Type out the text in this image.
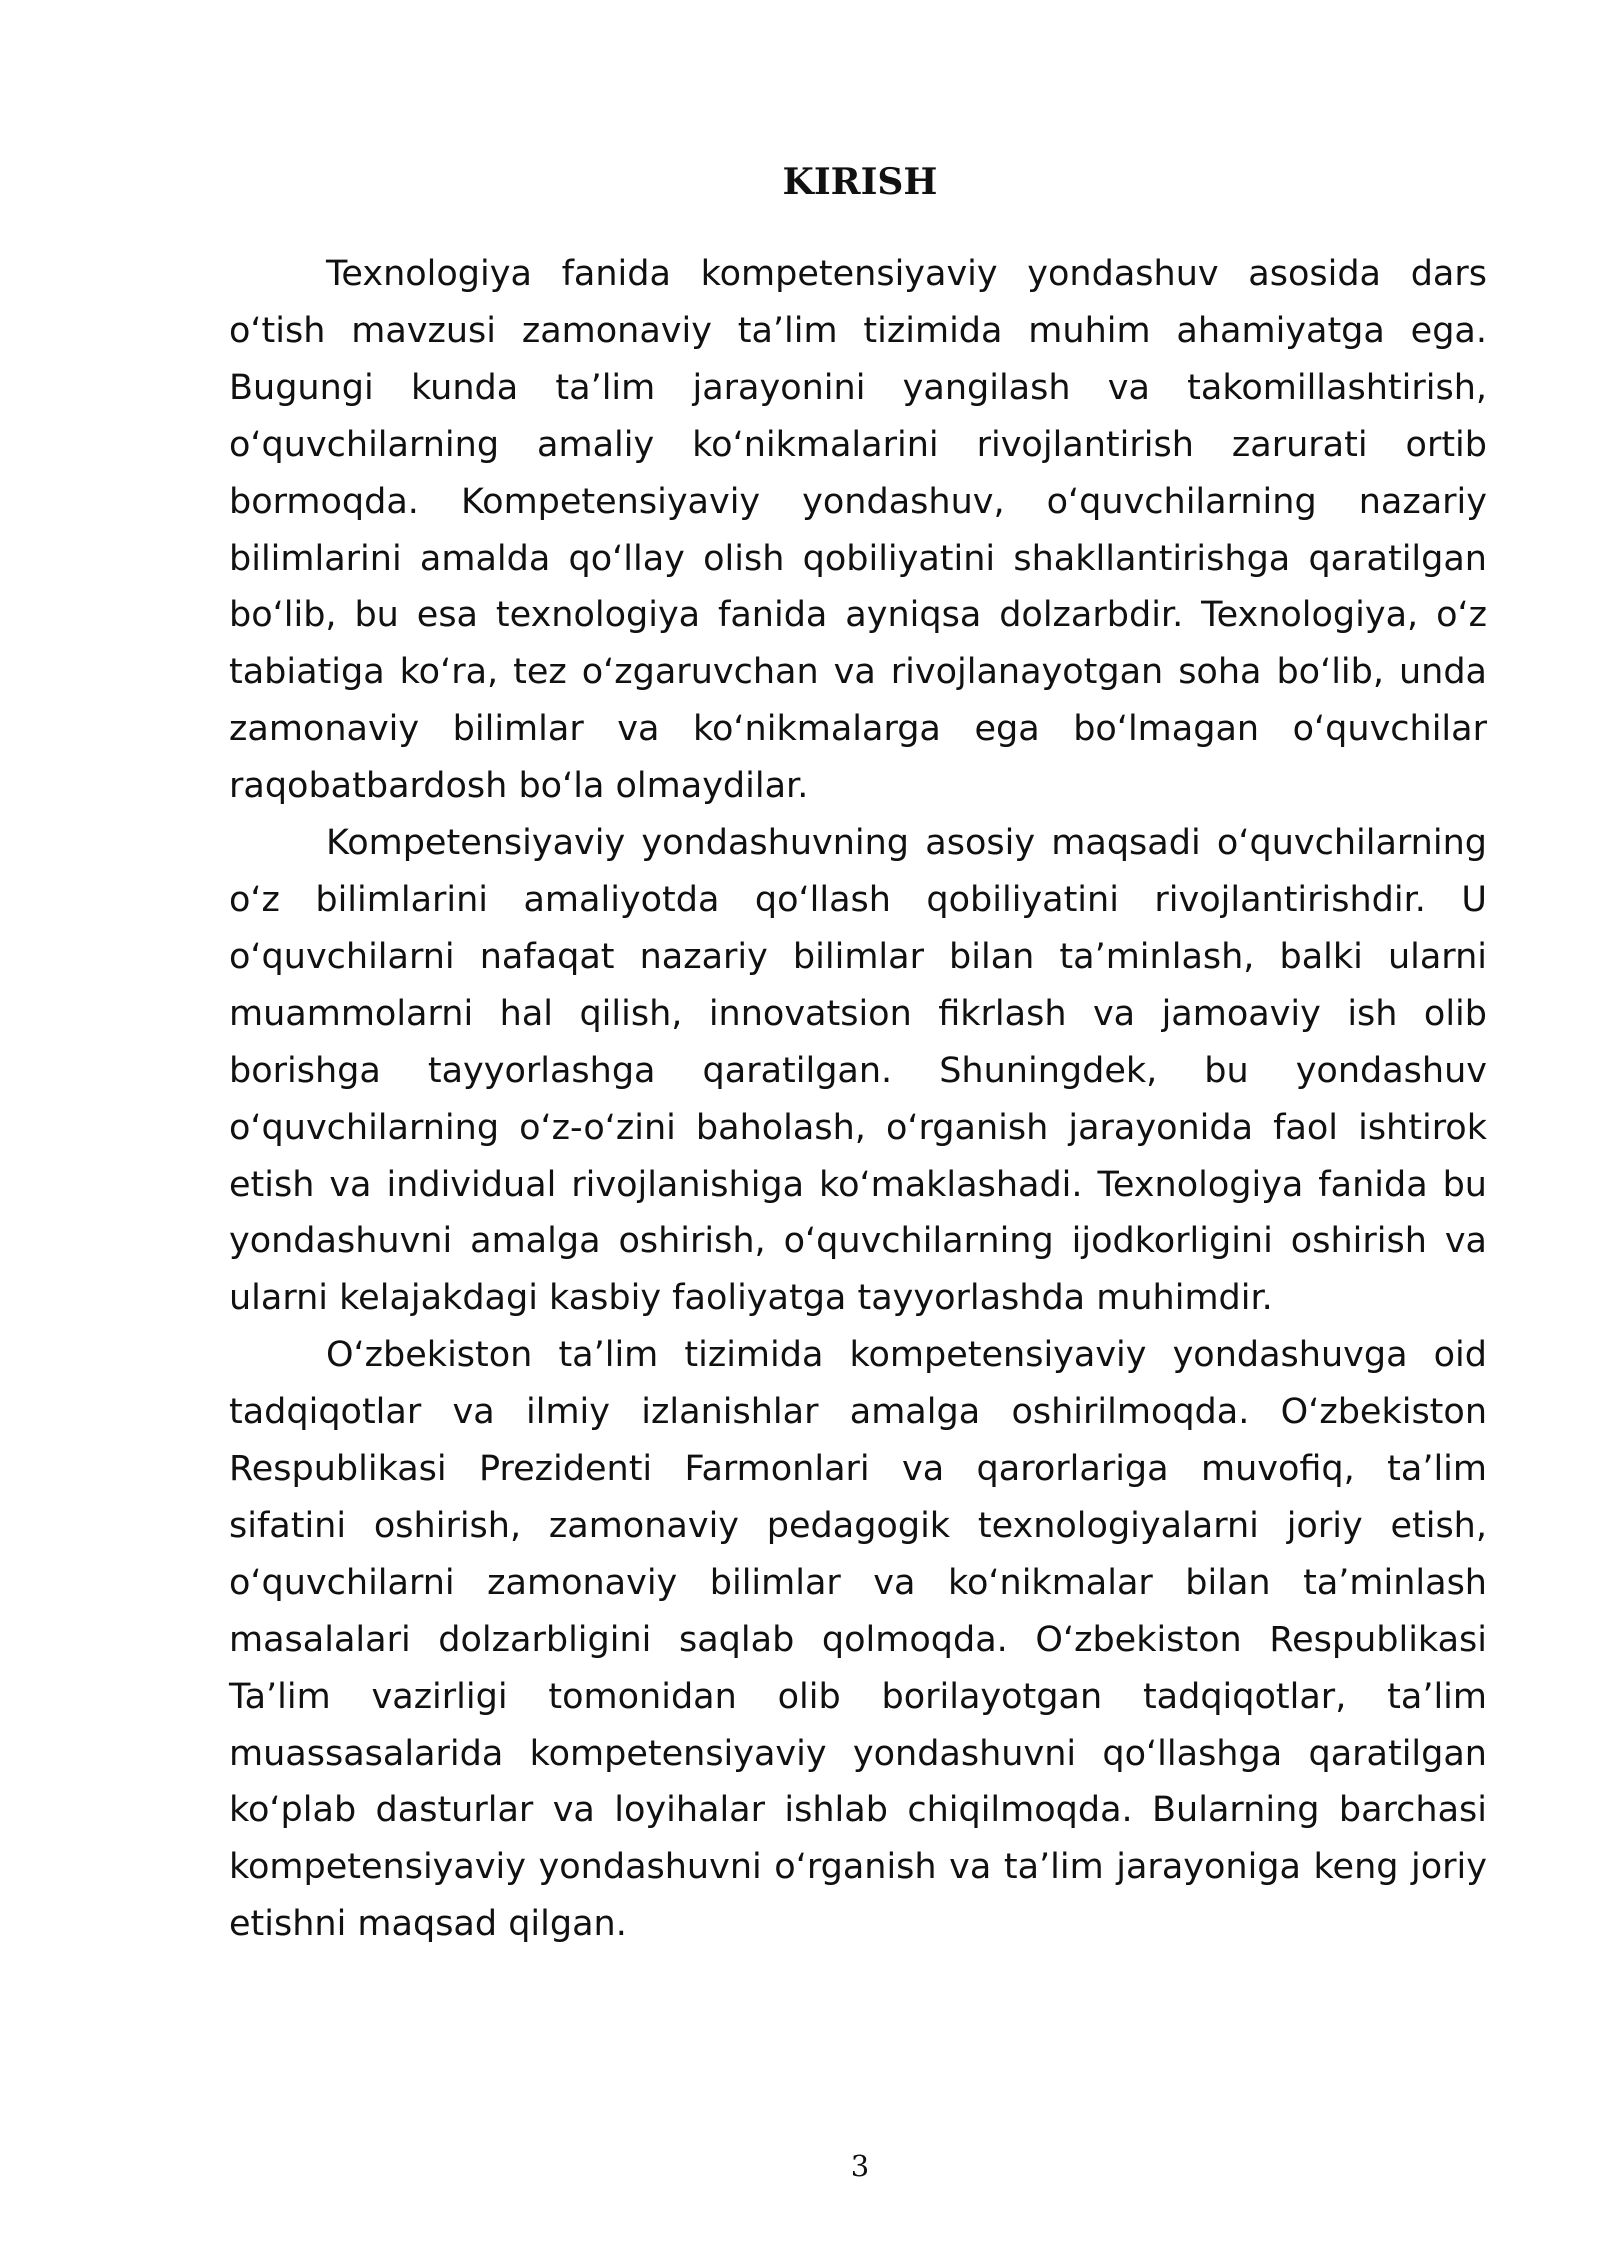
KIRISH

Texnologiya fanida kompetensiyaviy yondashuv asosida dars oʻtish mavzusi zamonaviy taʼlim tizimida muhim ahamiyatga ega. Bugungi kunda taʼlim jarayonini yangilash va takomillashtirish, oʻquvchilarning amaliy koʻnikmalarini rivojlantirish zarurati ortib bormoqda. Kompetensiyaviy yondashuv, oʻquvchilarning nazariy bilimlarini amalda qoʻllay olish qobiliyatini shakllantirishga qaratilgan boʻlib, bu esa texnologiya fanida ayniqsa dolzarbdir. Texnologiya, oʻz tabiatiga koʻra, tez oʻzgaruvchan va rivojlanayotgan soha boʻlib, unda zamonaviy bilimlar va koʻnikmalarga ega boʻlmagan oʻquvchilar raqobatbardosh boʻla olmaydilar.

Kompetensiyaviy yondashuvning asosiy maqsadi oʻquvchilarning oʻz bilimlarini amaliyotda qoʻllash qobiliyatini rivojlantirishdir. U oʻquvchilarni nafaqat nazariy bilimlar bilan taʼminlash, balki ularni muammolarni hal qilish, innovatsion fikrlash va jamoaviy ish olib borishga tayyorlashga qaratilgan. Shuningdek, bu yondashuv oʻquvchilarning oʻz-oʻzini baholash, oʻrganish jarayonida faol ishtirok etish va individual rivojlanishiga koʻmaklashadi. Texnologiya fanida bu yondashuvni amalga oshirish, oʻquvchilarning ijodkorligini oshirish va ularni kelajakdagi kasbiy faoliyatga tayyorlashda muhimdir.

Oʻzbekiston taʼlim tizimida kompetensiyaviy yondashuvga oid tadqiqotlar va ilmiy izlanishlar amalga oshirilmoqda. Oʻzbekiston Respublikasi Prezidenti Farmonlari va qarorlariga muvofiq, taʼlim sifatini oshirish, zamonaviy pedagogik texnologiyalarni joriy etish, oʻquvchilarni zamonaviy bilimlar va koʻnikmalar bilan taʼminlash masalalari dolzarbligini saqlab qolmoqda. Oʻzbekiston Respublikasi Taʼlim vazirligi tomonidan olib borilayotgan tadqiqotlar, taʼlim muassasalarida kompetensiyaviy yondashuvni qoʻllashga qaratilgan koʻplab dasturlar va loyihalar ishlab chiqilmoqda. Bularning barchasi kompetensiyaviy yondashuvni oʻrganish va taʼlim jarayoniga keng joriy etishni maqsad qilgan.

3
